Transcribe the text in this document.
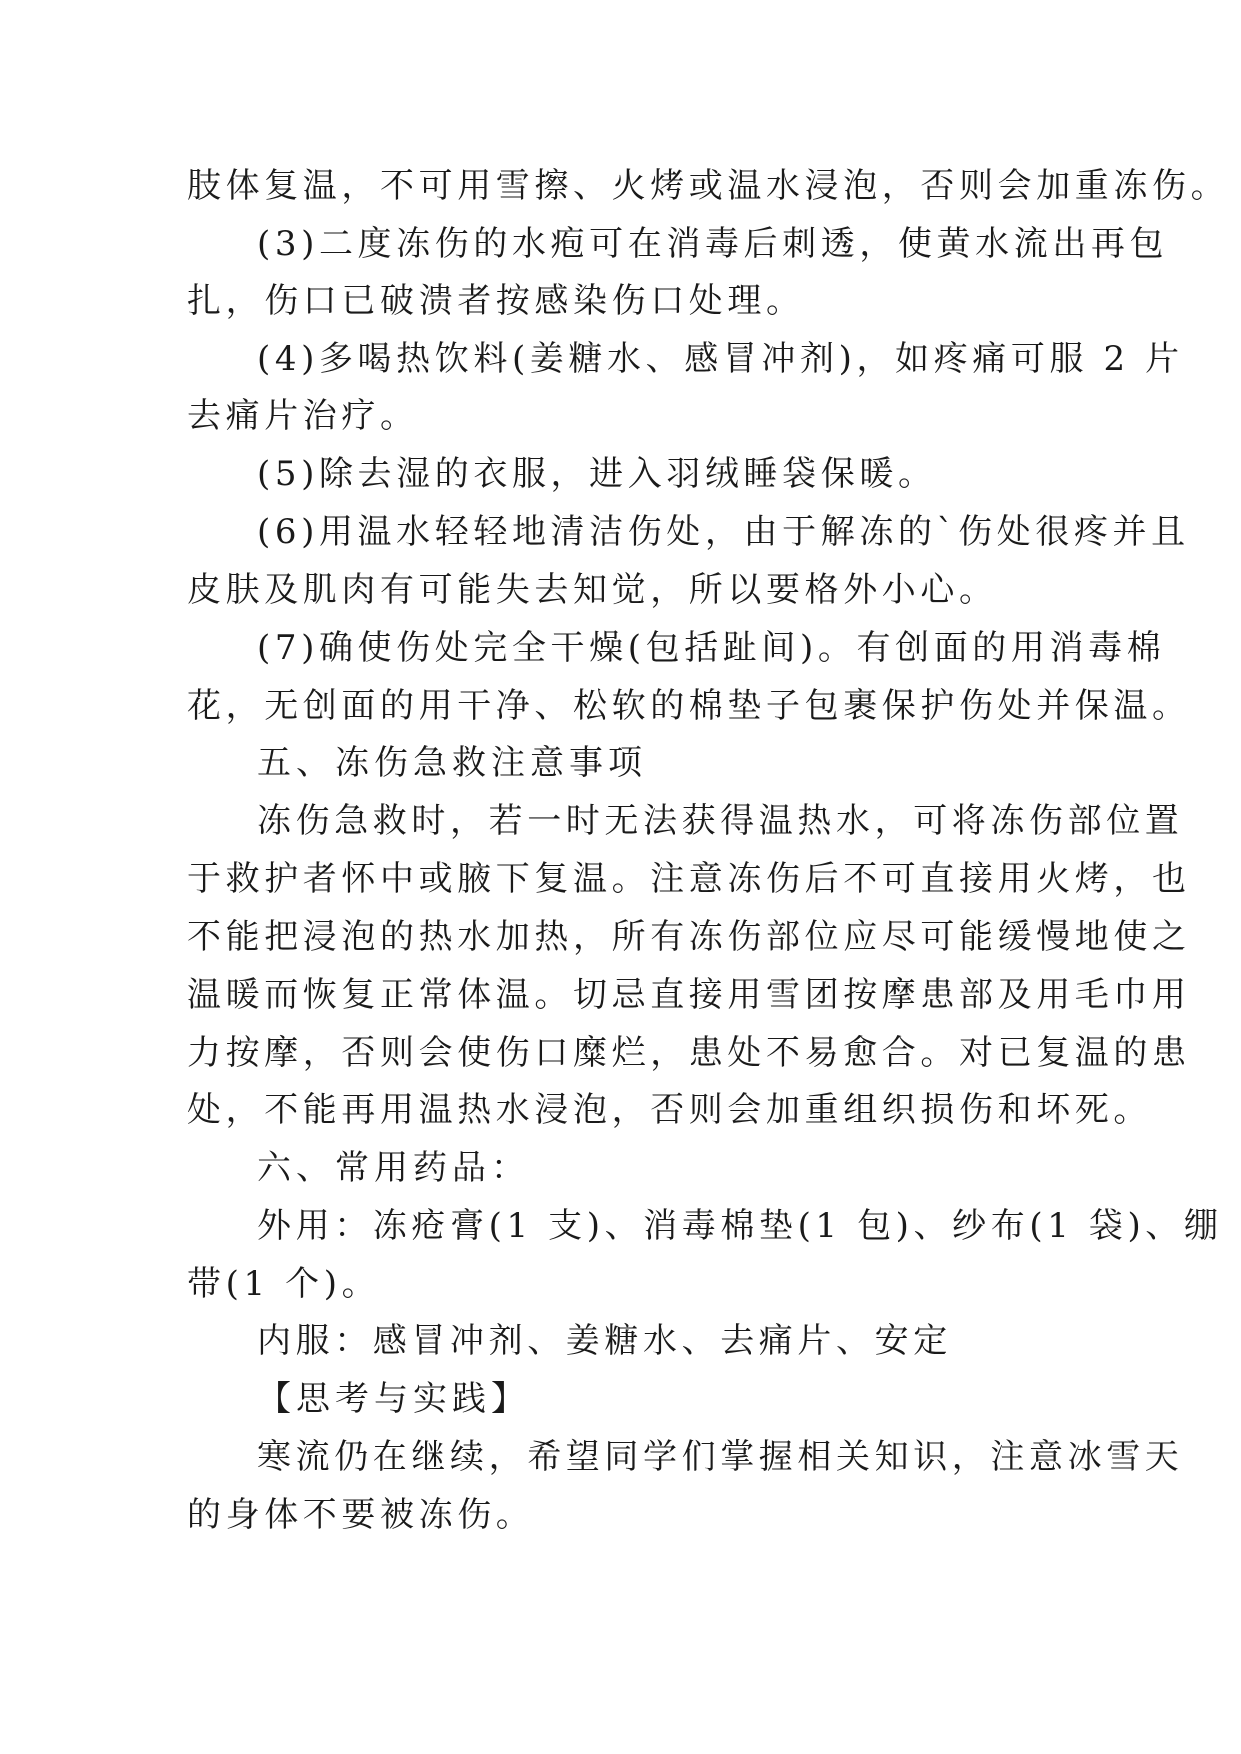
肢体复温，不可用雪擦、火烤或温水浸泡，否则会加重冻伤。
(3)二度冻伤的水疱可在消毒后刺透，使黄水流出再包
扎，伤口已破溃者按感染伤口处理。
(4)多喝热饮料(姜糖水、感冒冲剂)，如疼痛可服 2 片
去痛片治疗。
(5)除去湿的衣服，进入羽绒睡袋保暖。
(6)用温水轻轻地清洁伤处，由于解冻的`伤处很疼并且
皮肤及肌肉有可能失去知觉，所以要格外小心。
(7)确使伤处完全干燥(包括趾间)。有创面的用消毒棉
花，无创面的用干净、松软的棉垫子包裹保护伤处并保温。
五、冻伤急救注意事项
冻伤急救时，若一时无法获得温热水，可将冻伤部位置
于救护者怀中或腋下复温。注意冻伤后不可直接用火烤，也
不能把浸泡的热水加热，所有冻伤部位应尽可能缓慢地使之
温暖而恢复正常体温。切忌直接用雪团按摩患部及用毛巾用
力按摩，否则会使伤口糜烂，患处不易愈合。对已复温的患
处，不能再用温热水浸泡，否则会加重组织损伤和坏死。
六、常用药品：
外用：冻疮膏(1 支)、消毒棉垫(1 包)、纱布(1 袋)、绷
带(1 个)。
内服：感冒冲剂、姜糖水、去痛片、安定
【思考与实践】
寒流仍在继续，希望同学们掌握相关知识，注意冰雪天
的身体不要被冻伤。
